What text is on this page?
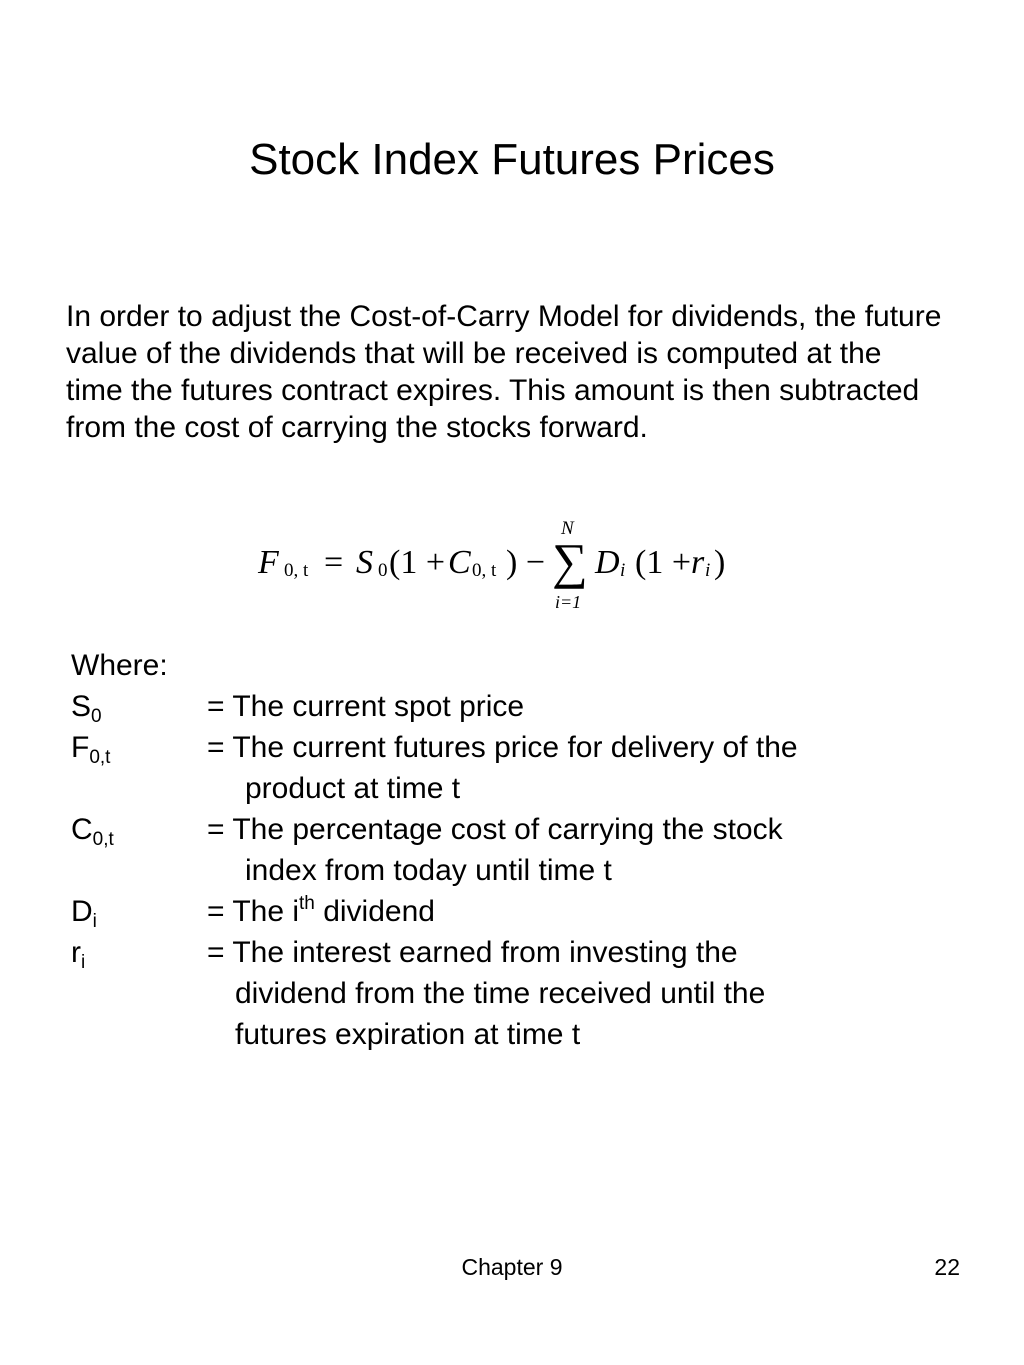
Stock Index Futures Prices

In order to adjust the Cost-of-Carry Model for dividends, the future value of the dividends that will be received is computed at the time the futures contract expires. This amount is then subtracted from the cost of carrying the stocks forward.

F 0, t = S 0 (1 + C 0, t ) −
N
∑
i=1
D i (1 + r i )
Where:
$S_0$	= The current spot price
$F_{0,t}$	= The current futures price for delivery of the
product at time t
$C_{0,t}$	= The percentage cost of carrying the stock
index from today until time t
$D_i$	= The $i^{th}$ dividend
$r_i$	= The interest earned from investing the
dividend from the time received until the
futures expiration at time t
Chapter 9	22
